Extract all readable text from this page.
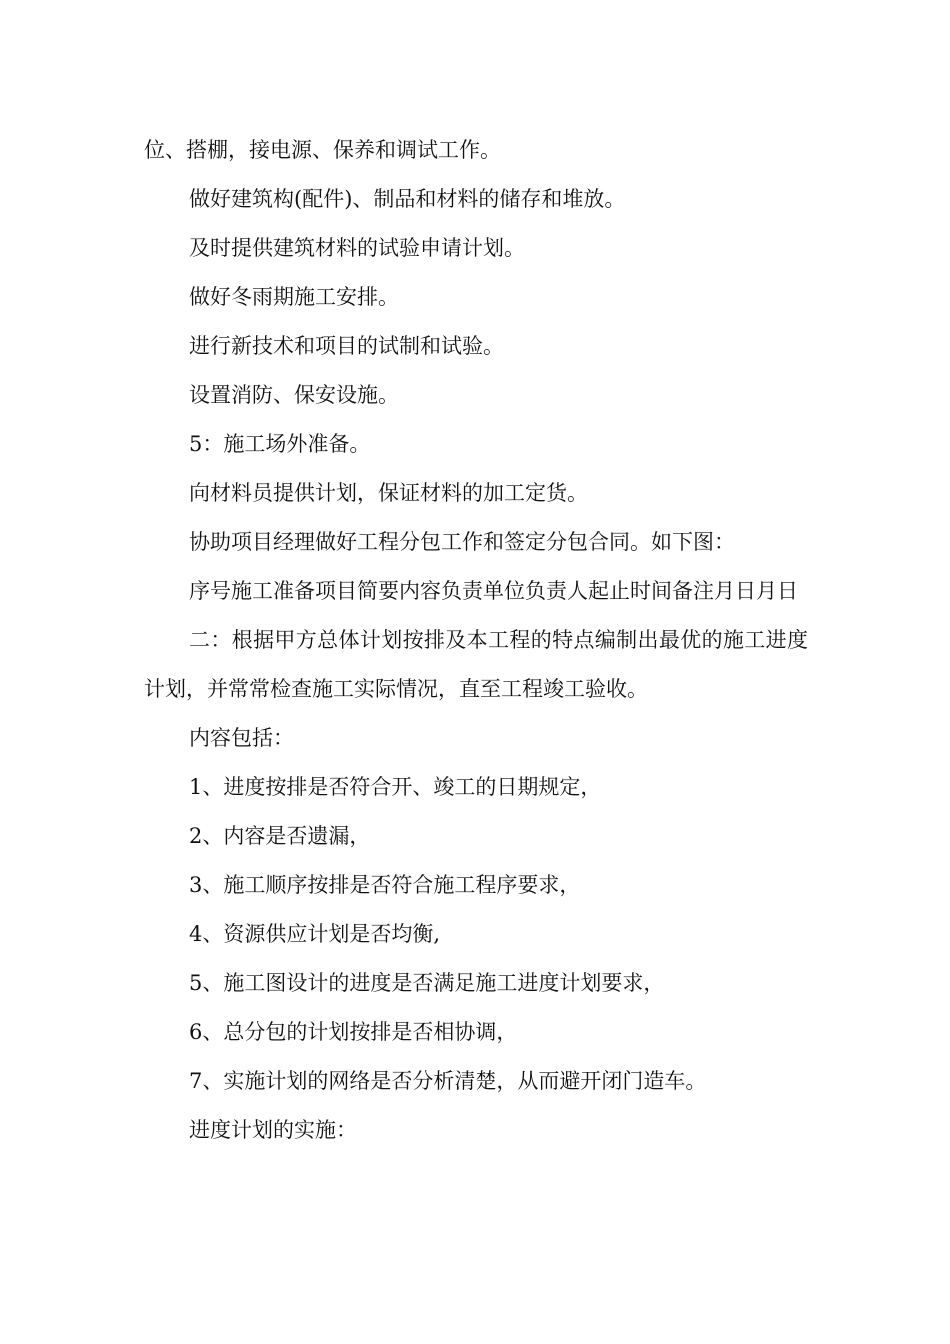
位、搭棚，接电源、保养和调试工作。

做好建筑构(配件)、制品和材料的储存和堆放。

及时提供建筑材料的试验申请计划。

做好冬雨期施工安排。

进行新技术和项目的试制和试验。

设置消防、保安设施。

5：施工场外准备。

向材料员提供计划，保证材料的加工定货。

协助项目经理做好工程分包工作和签定分包合同。如下图：

序号施工准备项目简要内容负责单位负责人起止时间备注月日月日

二：根据甲方总体计划按排及本工程的特点编制出最优的施工进度计划，并常常检查施工实际情况，直至工程竣工验收。

内容包括：

1、进度按排是否符合开、竣工的日期规定，

2、内容是否遗漏，

3、施工顺序按排是否符合施工程序要求，

4、资源供应计划是否均衡,

5、施工图设计的进度是否满足施工进度计划要求，

6、总分包的计划按排是否相协调，

7、实施计划的网络是否分析清楚，从而避开闭门造车。

进度计划的实施：
